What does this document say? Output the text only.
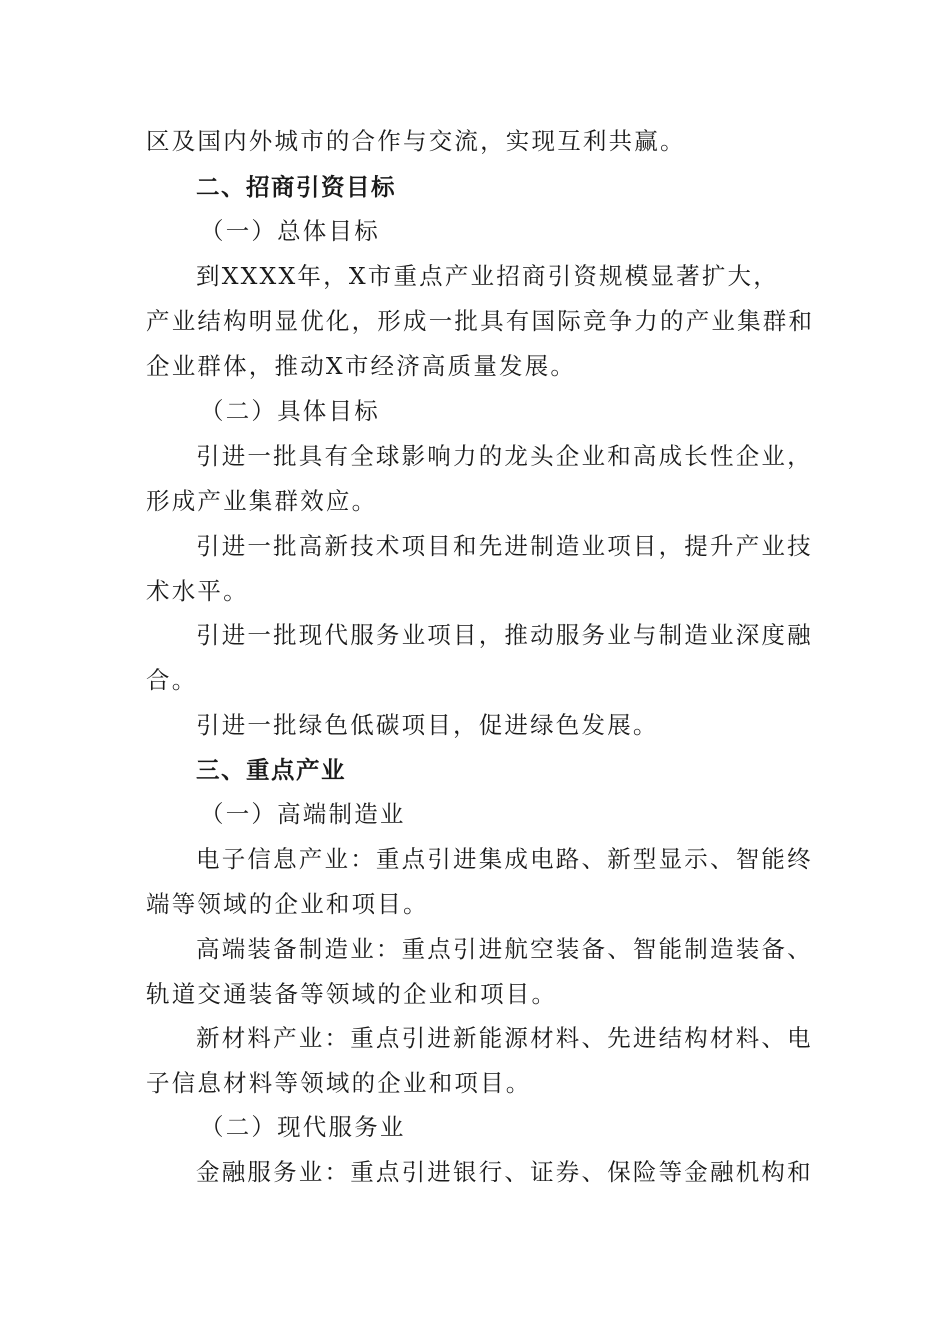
区及国内外城市的合作与交流，实现互利共赢。
二、招商引资目标
（一）总体目标
到XXXX年，X市重点产业招商引资规模显著扩大，
产业结构明显优化，形成一批具有国际竞争力的产业集群和
企业群体，推动X市经济高质量发展。
（二）具体目标
引进一批具有全球影响力的龙头企业和高成长性企业，
形成产业集群效应。
引进一批高新技术项目和先进制造业项目，提升产业技
术水平。
引进一批现代服务业项目，推动服务业与制造业深度融
合。
引进一批绿色低碳项目，促进绿色发展。
三、重点产业
（一）高端制造业
电子信息产业：重点引进集成电路、新型显示、智能终
端等领域的企业和项目。
高端装备制造业：重点引进航空装备、智能制造装备、
轨道交通装备等领域的企业和项目。
新材料产业：重点引进新能源材料、先进结构材料、电
子信息材料等领域的企业和项目。
（二）现代服务业
金融服务业：重点引进银行、证券、保险等金融机构和
